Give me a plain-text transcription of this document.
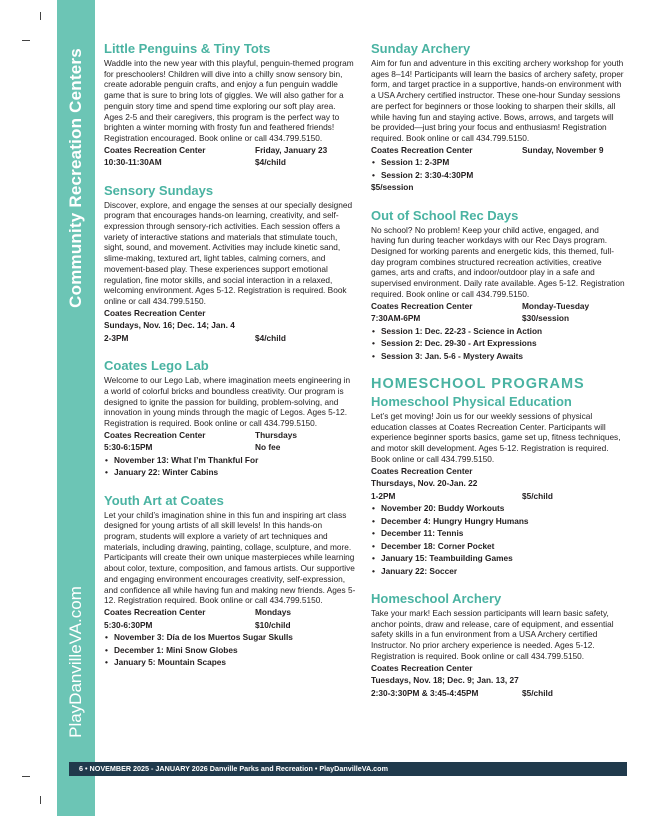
Community Recreation Centers
PlayDanvilleVA.com
Little Penguins & Tiny Tots

Waddle into the new year with this playful, penguin-themed program for preschoolers! Children will dive into a chilly snow sensory bin, create adorable penguin crafts, and enjoy a fun penguin waddle game that is sure to bring lots of giggles. We will also gather for a penguin story time and spend time exploring our soft play area. Ages 2-5 and their caregivers, this program is the perfect way to brighten a winter morning with frosty fun and feathered friends! Registration encouraged. Book online or call 434.799.5150.

Coates Recreation Center	Friday, January 23
10:30-11:30AM	$4/child
Sensory Sundays

Discover, explore, and engage the senses at our specially designed program that encourages hands-on learning, creativity, and self-expression through sensory-rich activities. Each session offers a variety of interactive stations and materials that stimulate touch, sight, sound, and movement. Activities may include kinetic sand, slime-making, textured art, light tables, calming corners, and movement-based play. These experiences support emotional regulation, fine motor skills, and social interaction in a relaxed, welcoming environment. Ages 5-12. Registration is required. Book online or call 434.799.5150.

Coates Recreation Center
Sundays, Nov. 16; Dec. 14; Jan. 4
2-3PM	$4/child
Coates Lego Lab

Welcome to our Lego Lab, where imagination meets engineering in a world of colorful bricks and boundless creativity. Our program is designed to ignite the passion for building, problem-solving, and innovation in young minds through the magic of Legos. Ages 5-12. Registration is required. Book online or call 434.799.5150.

Coates Recreation Center	Thursdays
5:30-6:15PM	No fee
• November 13: What I’m Thankful For
• January 22: Winter Cabins
Youth Art at Coates

Let your child’s imagination shine in this fun and inspiring art class designed for young artists of all skill levels! In this hands-on program, students will explore a variety of art techniques and materials, including drawing, painting, collage, sculpture, and more. Participants will create their own unique masterpieces while learning about color, texture, composition, and famous artists. Our supportive and engaging environment encourages creativity, self-expression, and confidence all while having fun and making new friends. Ages 5-12. Registration required. Book online or call 434.799.5150.

Coates Recreation Center	Mondays
5:30-6:30PM	$10/child
• November 3: Día de los Muertos Sugar Skulls
• December 1: Mini Snow Globes
• January 5: Mountain Scapes
Sunday Archery

Aim for fun and adventure in this exciting archery workshop for youth ages 8–14! Participants will learn the basics of archery safety, proper form, and target practice in a supportive, hands-on environment with a USA Archery certified instructor. These one-hour Sunday sessions are perfect for beginners or those looking to sharpen their skills, all while having fun and staying active. Bows, arrows, and targets will be provided—just bring your focus and enthusiasm! Registration required. Book online or call 434.799.5150.

Coates Recreation Center	Sunday, November 9
• Session 1: 2-3PM
• Session 2: 3:30-4:30PM
$5/session
Out of School Rec Days

No school? No problem! Keep your child active, engaged, and having fun during teacher workdays with our Rec Days program. Designed for working parents and energetic kids, this themed, full-day program combines structured recreation activities, creative games, arts and crafts, and indoor/outdoor play in a safe and supervised environment. Daily rate available. Ages 5-12. Registration required. Book online or call 434.799.5150.

Coates Recreation Center	Monday-Tuesday
7:30AM-6PM	$30/session
• Session 1: Dec. 22-23 - Science in Action
• Session 2: Dec. 29-30 - Art Expressions
• Session 3: Jan. 5-6 - Mystery Awaits
HOMESCHOOL PROGRAMS
Homeschool Physical Education

Let’s get moving! Join us for our weekly sessions of physical education classes at Coates Recreation Center. Participants will experience beginner sports basics, game set up, fitness techniques, and motor skill development. Ages 5-12. Registration is required. Book online or call 434.799.5150.

Coates Recreation Center
Thursdays, Nov. 20-Jan. 22
1-2PM	$5/child
• November 20: Buddy Workouts
• December 4: Hungry Hungry Humans
• December 11: Tennis
• December 18: Corner Pocket
• January 15: Teambuilding Games
• January 22: Soccer
Homeschool Archery

Take your mark! Each session participants will learn basic safety, anchor points, draw and release, care of equipment, and essential safety skills in a fun environment from a USA Archery certified Instructor. No prior archery experience is needed. Ages 5-12. Registration is required. Book online or call 434.799.5150.

Coates Recreation Center
Tuesdays, Nov. 18; Dec. 9; Jan. 13, 27
2:30-3:30PM & 3:45-4:45PM	$5/child
6 • NOVEMBER 2025 - JANUARY 2026 Danville Parks and Recreation • PlayDanvilleVA.com
